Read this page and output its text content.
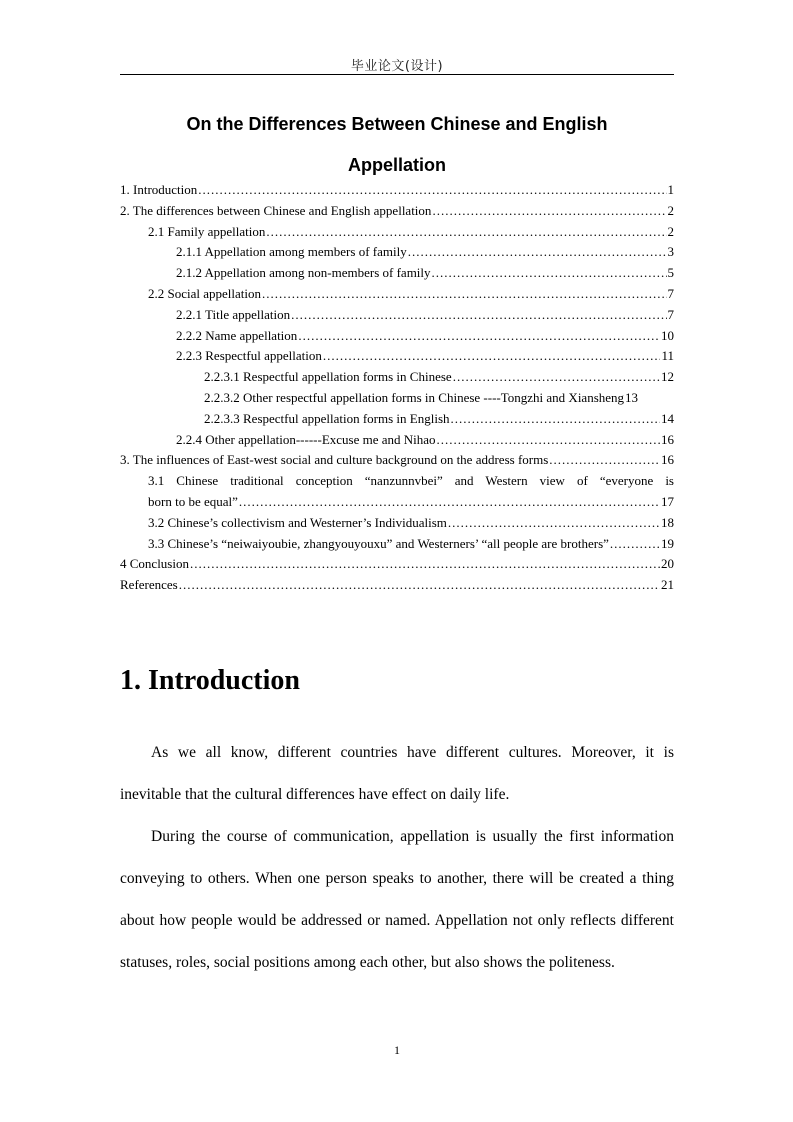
毕业论文(设计)
On the Differences Between Chinese and English
Appellation
1. Introduction .....	1
2. The differences between Chinese and English appellation .....	2
2.1 Family appellation .....	2
2.1.1 Appellation among members of family .....	3
2.1.2 Appellation among non-members of family .....	5
2.2 Social appellation .....	7
2.2.1 Title appellation .....	7
2.2.2 Name appellation .....	10
2.2.3 Respectful appellation .....	11
2.2.3.1 Respectful appellation forms in Chinese .....	12
2.2.3.2 Other respectful appellation forms in Chinese ----Tongzhi and Xiansheng 13
2.2.3.3 Respectful appellation forms in English .....	14
2.2.4 Other appellation------Excuse me and Nihao .....	16
3. The influences of East-west social and culture background on the address forms .....	16
3.1 Chinese traditional conception “nanzunnvbei” and Western view of “everyone is
born to be equal” .....	17
3.2 Chinese’s collectivism and Westerner’s Individualism .....	18
3.3 Chinese’s “neiwaiyoubie, zhangyouyouxu” and Westerners’ “all people are brothers” .....	19
4 Conclusion .....	20
References .....	21
1. Introduction

As we all know, different countries have different cultures. Moreover, it is inevitable that the cultural differences have effect on daily life.

During the course of communication, appellation is usually the first information conveying to others. When one person speaks to another, there will be created a thing about how people would be addressed or named. Appellation not only reflects different statuses, roles, social positions among each other, but also shows the politeness.

1
